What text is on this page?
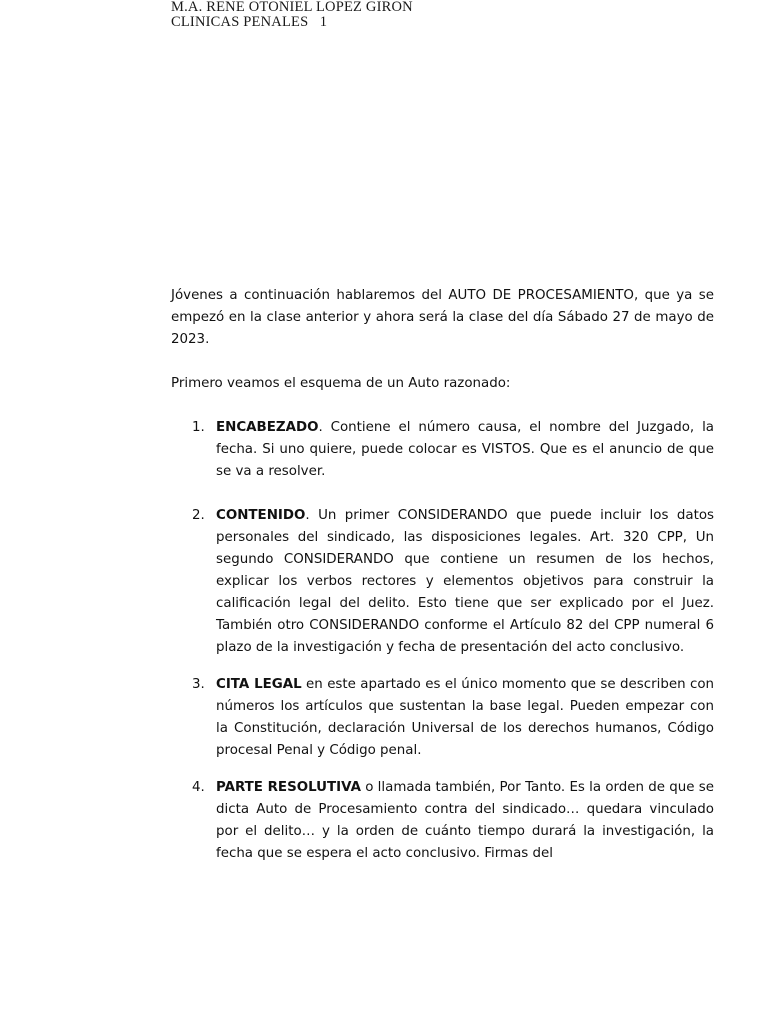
M.A. RENE OTONIEL LOPEZ GIRON
CLINICAS PENALES   1

Jóvenes a continuación hablaremos del AUTO DE PROCESAMIENTO, que ya se empezó en la clase anterior y ahora será la clase del día Sábado 27 de mayo de 2023.

Primero veamos el esquema de un Auto razonado:

1. ENCABEZADO. Contiene el número causa, el nombre del Juzgado, la fecha. Si uno quiere, puede colocar es VISTOS. Que es el anuncio de que se va a resolver.
2. CONTENIDO. Un primer CONSIDERANDO que puede incluir los datos personales del sindicado, las disposiciones legales. Art. 320 CPP, Un segundo CONSIDERANDO que contiene un resumen de los hechos, explicar los verbos rectores y elementos objetivos para construir la calificación legal del delito. Esto tiene que ser explicado por el Juez. También otro CONSIDERANDO conforme el Artículo 82 del CPP numeral 6 plazo de la investigación y fecha de presentación del acto conclusivo.
3. CITA LEGAL en este apartado es el único momento que se describen con números los artículos que sustentan la base legal. Pueden empezar con la Constitución, declaración Universal de los derechos humanos, Código procesal Penal y Código penal.
4. PARTE RESOLUTIVA o llamada también, Por Tanto. Es la orden de que se dicta Auto de Procesamiento contra del sindicado… quedara vinculado por el delito… y la orden de cuánto tiempo durará la investigación, la fecha que se espera el acto conclusivo. Firmas del
